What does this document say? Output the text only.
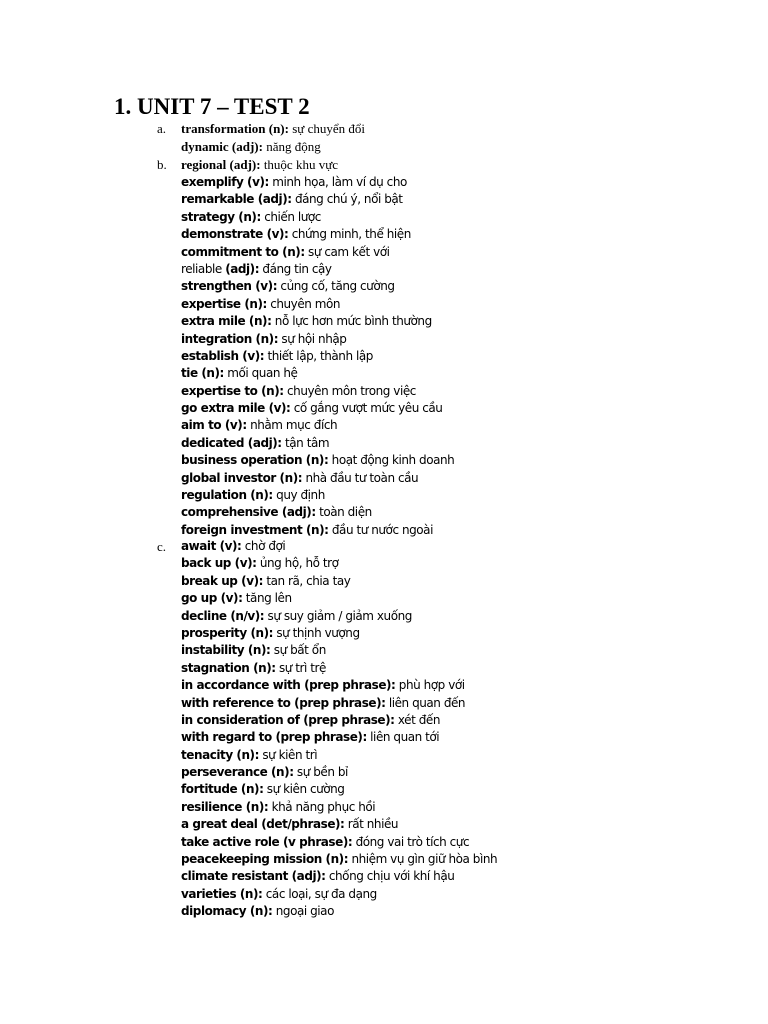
1. UNIT 7 – TEST 2
a.	transformation (n): sự chuyển đổi
dynamic (adj): năng động
b.	regional (adj): thuộc khu vực
exemplify (v): minh họa, làm ví dụ cho
remarkable (adj): đáng chú ý, nổi bật
strategy (n): chiến lược
demonstrate (v): chứng minh, thể hiện
commitment to (n): sự cam kết với
reliable (adj): đáng tin cậy
strengthen (v): củng cố, tăng cường
expertise (n): chuyên môn
extra mile (n): nỗ lực hơn mức bình thường
integration (n): sự hội nhập
establish (v): thiết lập, thành lập
tie (n): mối quan hệ
expertise to (n): chuyên môn trong việc
go extra mile (v): cố gắng vượt mức yêu cầu
aim to (v): nhằm mục đích
dedicated (adj): tận tâm
business operation (n): hoạt động kinh doanh
global investor (n): nhà đầu tư toàn cầu
regulation (n): quy định
comprehensive (adj): toàn diện
foreign investment (n): đầu tư nước ngoài
c.	await (v): chờ đợi
back up (v): ủng hộ, hỗ trợ
break up (v): tan rã, chia tay
go up (v): tăng lên
decline (n/v): sự suy giảm / giảm xuống
prosperity (n): sự thịnh vượng
instability (n): sự bất ổn
stagnation (n): sự trì trệ
in accordance with (prep phrase): phù hợp với
with reference to (prep phrase): liên quan đến
in consideration of (prep phrase): xét đến
with regard to (prep phrase): liên quan tới
tenacity (n): sự kiên trì
perseverance (n): sự bền bỉ
fortitude (n): sự kiên cường
resilience (n): khả năng phục hồi
a great deal (det/phrase): rất nhiều
take active role (v phrase): đóng vai trò tích cực
peacekeeping mission (n): nhiệm vụ gìn giữ hòa bình
climate resistant (adj): chống chịu với khí hậu
varieties (n): các loại, sự đa dạng
diplomacy (n): ngoại giao
